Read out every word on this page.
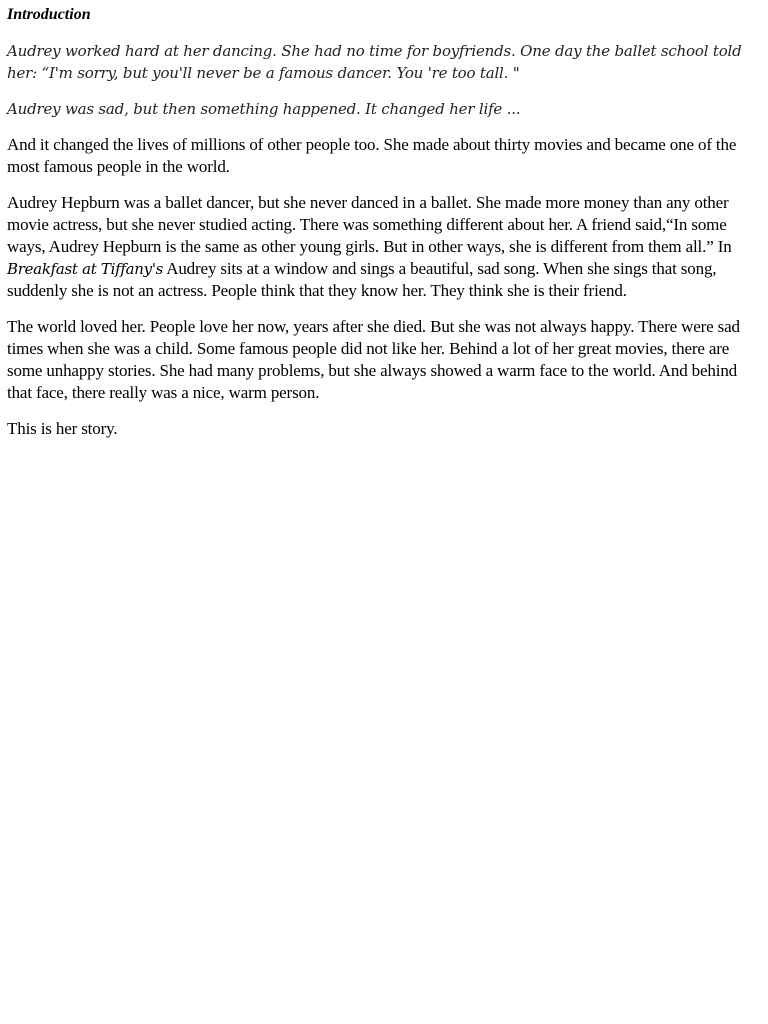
Introduction

Audrey worked hard at her dancing. She had no time for boyfriends. One day the ballet school told her: “I'm sorry, but you'll never be a famous dancer. You 're too tall. "

Audrey was sad, but then something happened. It changed her life ...

And it changed the lives of millions of other people too. She made about thirty movies and became one of the most famous people in the world.

Audrey Hepburn was a ballet dancer, but she never danced in a ballet. She made more money than any other movie actress, but she never studied acting. There was something different about her. A friend said,“In some ways, Audrey Hepburn is the same as other young girls. But in other ways, she is different from them all.” In Breakfast at Tiffany's Audrey sits at a window and sings a beautiful, sad song. When she sings that song, suddenly she is not an actress. People think that they know her. They think she is their friend.

The world loved her. People love her now, years after she died. But she was not always happy. There were sad times when she was a child. Some famous people did not like her. Behind a lot of her great movies, there are some unhappy stories. She had many problems, but she always showed a warm face to the world. And behind that face, there really was a nice, warm person.

This is her story.
